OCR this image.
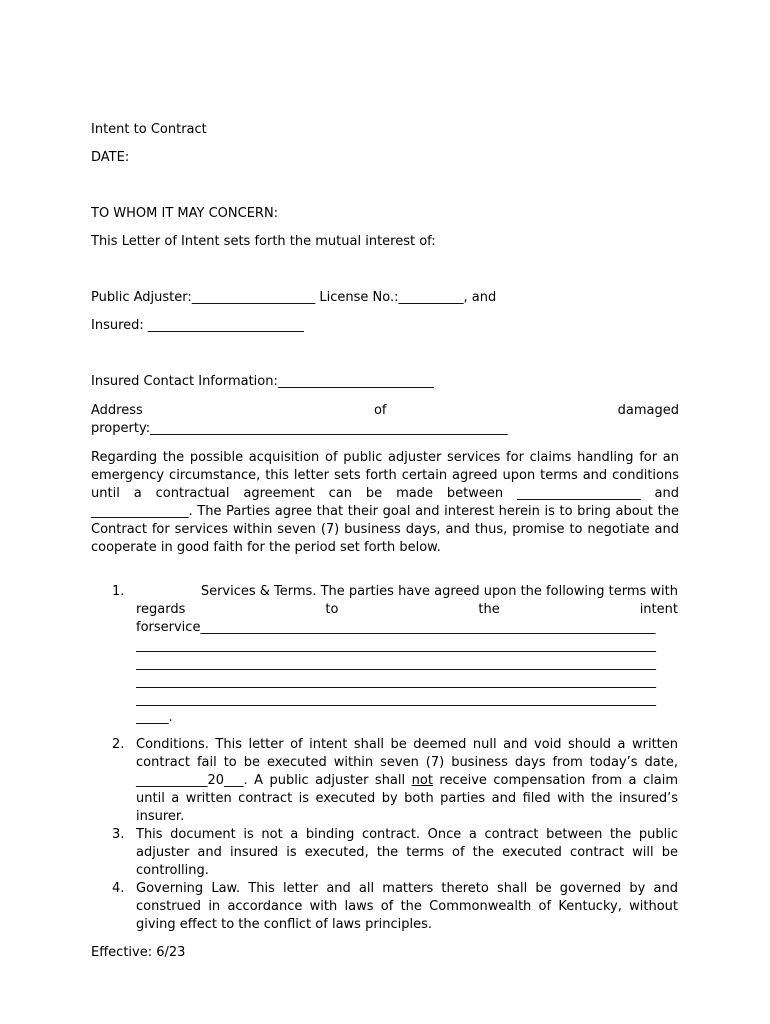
Intent to Contract

DATE:

TO WHOM IT MAY CONCERN:

This Letter of Intent sets forth the mutual interest of:

Public Adjuster:___________________ License No.:__________, and

Insured: ________________________

Insured Contact Information:________________________

Address	of	damaged
property:_______________________________________________________

Regarding the possible acquisition of public adjuster services for claims handling for an emergency circumstance, this letter sets forth certain agreed upon terms and conditions until a contractual agreement can be made between ___________________ and _______________. The Parties agree that their goal and interest herein is to bring about the Contract for services within seven (7) business days, and thus, promise to negotiate and cooperate in good faith for the period set forth below.

1.	Services & Terms. The parties have agreed upon the following terms with
regards	to	the	intent
forservice______________________________________________________________________
________________________________________________________________________________
________________________________________________________________________________
________________________________________________________________________________
________________________________________________________________________________
_____.
2. Conditions. This letter of intent shall be deemed null and void should a written contract fail to be executed within seven (7) business days from today’s date, ___________20___. A public adjuster shall not receive compensation from a claim until a written contract is executed by both parties and filed with the insured’s insurer.
3. This document is not a binding contract. Once a contract between the public adjuster and insured is executed, the terms of the executed contract will be controlling.
4. Governing Law. This letter and all matters thereto shall be governed by and construed in accordance with laws of the Commonwealth of Kentucky, without giving effect to the conflict of laws principles.

Effective: 6/23
